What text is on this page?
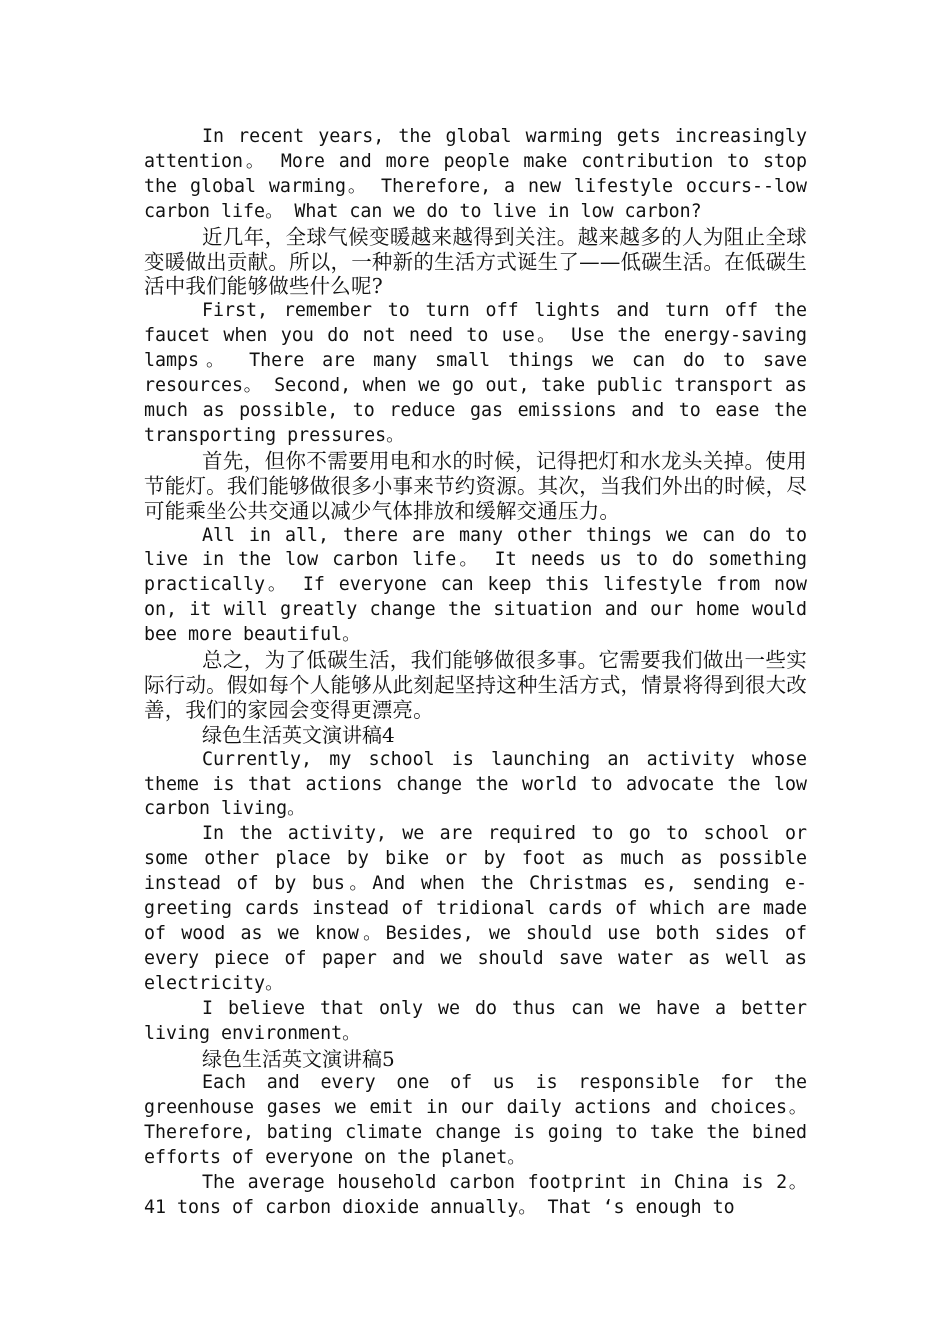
In recent years, the global warming gets increasingly attention。 More and more people make contribution to stop the global warming。 Therefore, a new lifestyle occurs--low carbon life。 What can we do to live in low carbon?

近几年，全球气候变暖越来越得到关注。越来越多的人为阻止全球变暖做出贡献。所以，一种新的生活方式诞生了——低碳生活。在低碳生活中我们能够做些什么呢?

First, remember to turn off lights and turn off the faucet when you do not need to use。 Use the energy-saving lamps。 There are many small things we can do to save resources。 Second, when we go out, take public transport as much as possible, to reduce gas emissions and to ease the transporting pressures。

首先，但你不需要用电和水的时候，记得把灯和水龙头关掉。使用节能灯。我们能够做很多小事来节约资源。其次，当我们外出的时候，尽可能乘坐公共交通以减少气体排放和缓解交通压力。

All in all, there are many other things we can do to live in the low carbon life。 It needs us to do something practically。 If everyone can keep this lifestyle from now on, it will greatly change the situation and our home would bee more beautiful。

总之，为了低碳生活，我们能够做很多事。它需要我们做出一些实际行动。假如每个人能够从此刻起坚持这种生活方式，情景将得到很大改善，我们的家园会变得更漂亮。

绿色生活英文演讲稿4

Currently, my school is launching an activity whose theme is that actions change the world to advocate the low carbon living。

In the activity, we are required to go to school or some other place by bike or by foot as much as possible instead of by bus。And when the Christmas es, sending e-greeting cards instead of tridional cards of which are made of wood as we know。Besides, we should use both sides of every piece of paper and we should save water as well as electricity。

I believe that only we do thus can we have a better living environment。

绿色生活英文演讲稿5

Each and every one of us is responsible for the greenhouse gases we emit in our daily actions and choices。 Therefore, bating climate change is going to take the bined efforts of everyone on the planet。

The average household carbon footprint in China is 2。41 tons of carbon dioxide annually。 That ‘s enough to
